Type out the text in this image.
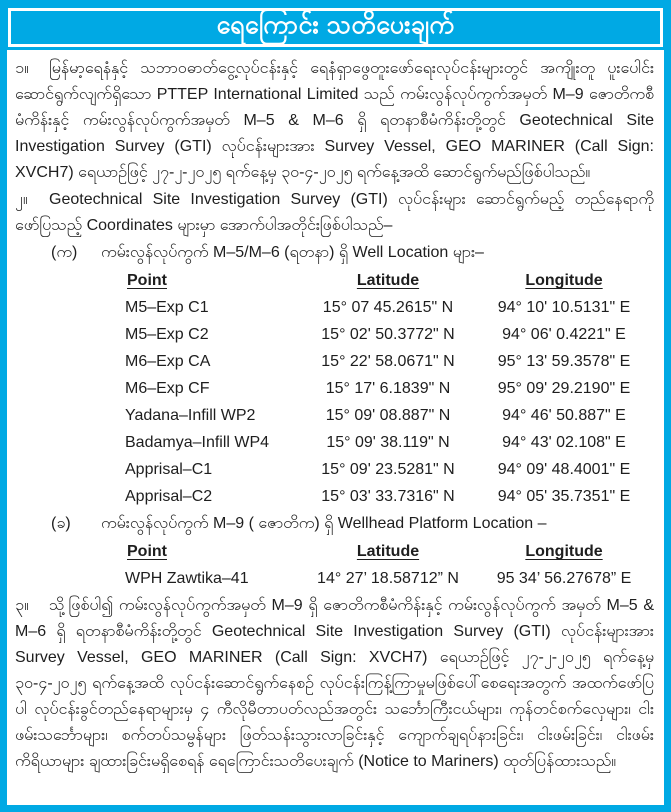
ရေကြောင်း သတိပေးချက်

၁။ မြန်မာ့ရေနံနှင့် သဘာဝဓာတ်ငွေ့လုပ်ငန်းနှင့် ရေနံရှာဖွေတူးဖော်ရေးလုပ်ငန်းများတွင် အကျိုးတူ ပူးပေါင်းဆောင်ရွက်လျက်ရှိသော PTTEP International Limited သည် ကမ်းလွန်လုပ်ကွက်အမှတ် M–9 ဇောတိကစီမံကိန်းနှင့် ကမ်းလွန်လုပ်ကွက်အမှတ် M–5 & M–6 ရှိ ရတနာစီမံကိန်းတို့တွင် Geotechnical Site Investigation Survey (GTI) လုပ်ငန်းများအား Survey Vessel, GEO MARINER (Call Sign: XVCH7) ရေယာဉ်ဖြင့် ၂၇-၂-၂၀၂၅ ရက်နေ့မှ ၃၀-၄-၂၀၂၅ ရက်နေ့အထိ ဆောင်ရွက်မည်ဖြစ်ပါသည်။

၂။ Geotechnical Site Investigation Survey (GTI) လုပ်ငန်းများ ဆောင်ရွက်မည့် တည်နေရာကို ဖော်ပြသည့် Coordinates များမှာ အောက်ပါအတိုင်းဖြစ်ပါသည်–

(က) ကမ်းလွန်လုပ်ကွက် M–5/M–6 (ရတနာ) ရှိ Well Location များ–
Point	Latitude	Longitude
M5–Exp C1	15° 07 45.2615" N	94° 10' 10.5131" E
M5–Exp C2	15° 02' 50.3772" N	94° 06' 0.4221" E
M6–Exp CA	15° 22' 58.0671" N	95° 13' 59.3578" E
M6–Exp CF	15° 17' 6.1839" N	95° 09' 29.2190" E
Yadana–Infill WP2	15° 09' 08.887" N	94° 46' 50.887" E
Badamya–Infill WP4	15° 09' 38.119" N	94° 43' 02.108" E
Apprisal–C1	15° 09' 23.5281" N	94° 09' 48.4001" E
Apprisal–C2	15° 03' 33.7316" N	94° 05' 35.7351" E
(ခ) ကမ်းလွန်လုပ်ကွက် M–9 ( ဇောတိက) ရှိ Wellhead Platform Location –
Point	Latitude	Longitude
WPH Zawtika–41	14° 27’ 18.58712” N	95 34’ 56.27678” E

၃။ သို့ဖြစ်ပါ၍ ကမ်းလွန်လုပ်ကွက်အမှတ် M–9 ရှိ ဇောတိကစီမံကိန်းနှင့် ကမ်းလွန်လုပ်ကွက် အမှတ် M–5 & M–6 ရှိ ရတနာစီမံကိန်းတို့တွင် Geotechnical Site Investigation Survey (GTI) လုပ်ငန်းများအား Survey Vessel, GEO MARINER (Call Sign: XVCH7) ရေယာဉ်ဖြင့် ၂၇-၂-၂၀၂၅ ရက်နေ့မှ ၃၀-၄-၂၀၂၅ ရက်နေ့အထိ လုပ်ငန်းဆောင်ရွက်နေစဉ် လုပ်ငန်းကြန့်ကြာမှုမဖြစ်ပေါ်စေရေးအတွက် အထက်ဖော်ပြပါ လုပ်ငန်းခွင်တည်နေရာများမှ ၄ ကီလိုမီတာပတ်လည်အတွင်း သင်္ဘောကြီးငယ်များ၊ ကုန်တင်စက်လှေများ၊ ငါးဖမ်းသင်္ဘောများ၊ စက်တပ်သမ္ဗန်များ ဖြတ်သန်းသွားလာခြင်းနှင့် ကျောက်ချရပ်နားခြင်း၊ ငါးဖမ်းခြင်း၊ ငါးဖမ်းကိရိယာများ ချထားခြင်းမရှိစေရန် ရေကြောင်းသတိပေးချက် (Notice to Mariners) ထုတ်ပြန်ထားသည်။
